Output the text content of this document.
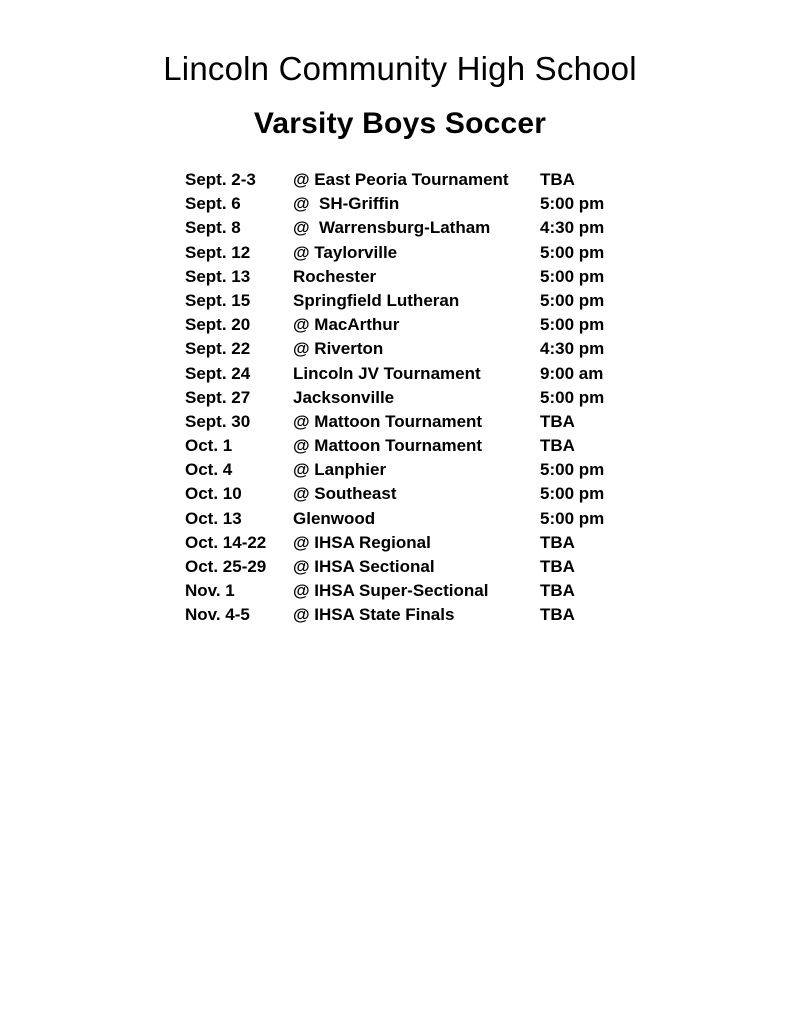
Lincoln Community High School
Varsity Boys Soccer
Sept. 2-3	@ East Peoria Tournament	TBA
Sept. 6	@  SH-Griffin	5:00 pm
Sept. 8	@  Warrensburg-Latham	4:30 pm
Sept. 12	@ Taylorville	5:00 pm
Sept. 13	Rochester	5:00 pm
Sept. 15	Springfield Lutheran	5:00 pm
Sept. 20	@ MacArthur	5:00 pm
Sept. 22	@ Riverton	4:30 pm
Sept. 24	Lincoln JV Tournament	9:00 am
Sept. 27	Jacksonville	5:00 pm
Sept. 30	@ Mattoon Tournament	TBA
Oct. 1	@ Mattoon Tournament	TBA
Oct. 4	@ Lanphier	5:00 pm
Oct. 10	@ Southeast	5:00 pm
Oct. 13	Glenwood	5:00 pm
Oct. 14-22	@ IHSA Regional	TBA
Oct. 25-29	@ IHSA Sectional	TBA
Nov. 1	@ IHSA Super-Sectional	TBA
Nov. 4-5	@ IHSA State Finals	TBA
